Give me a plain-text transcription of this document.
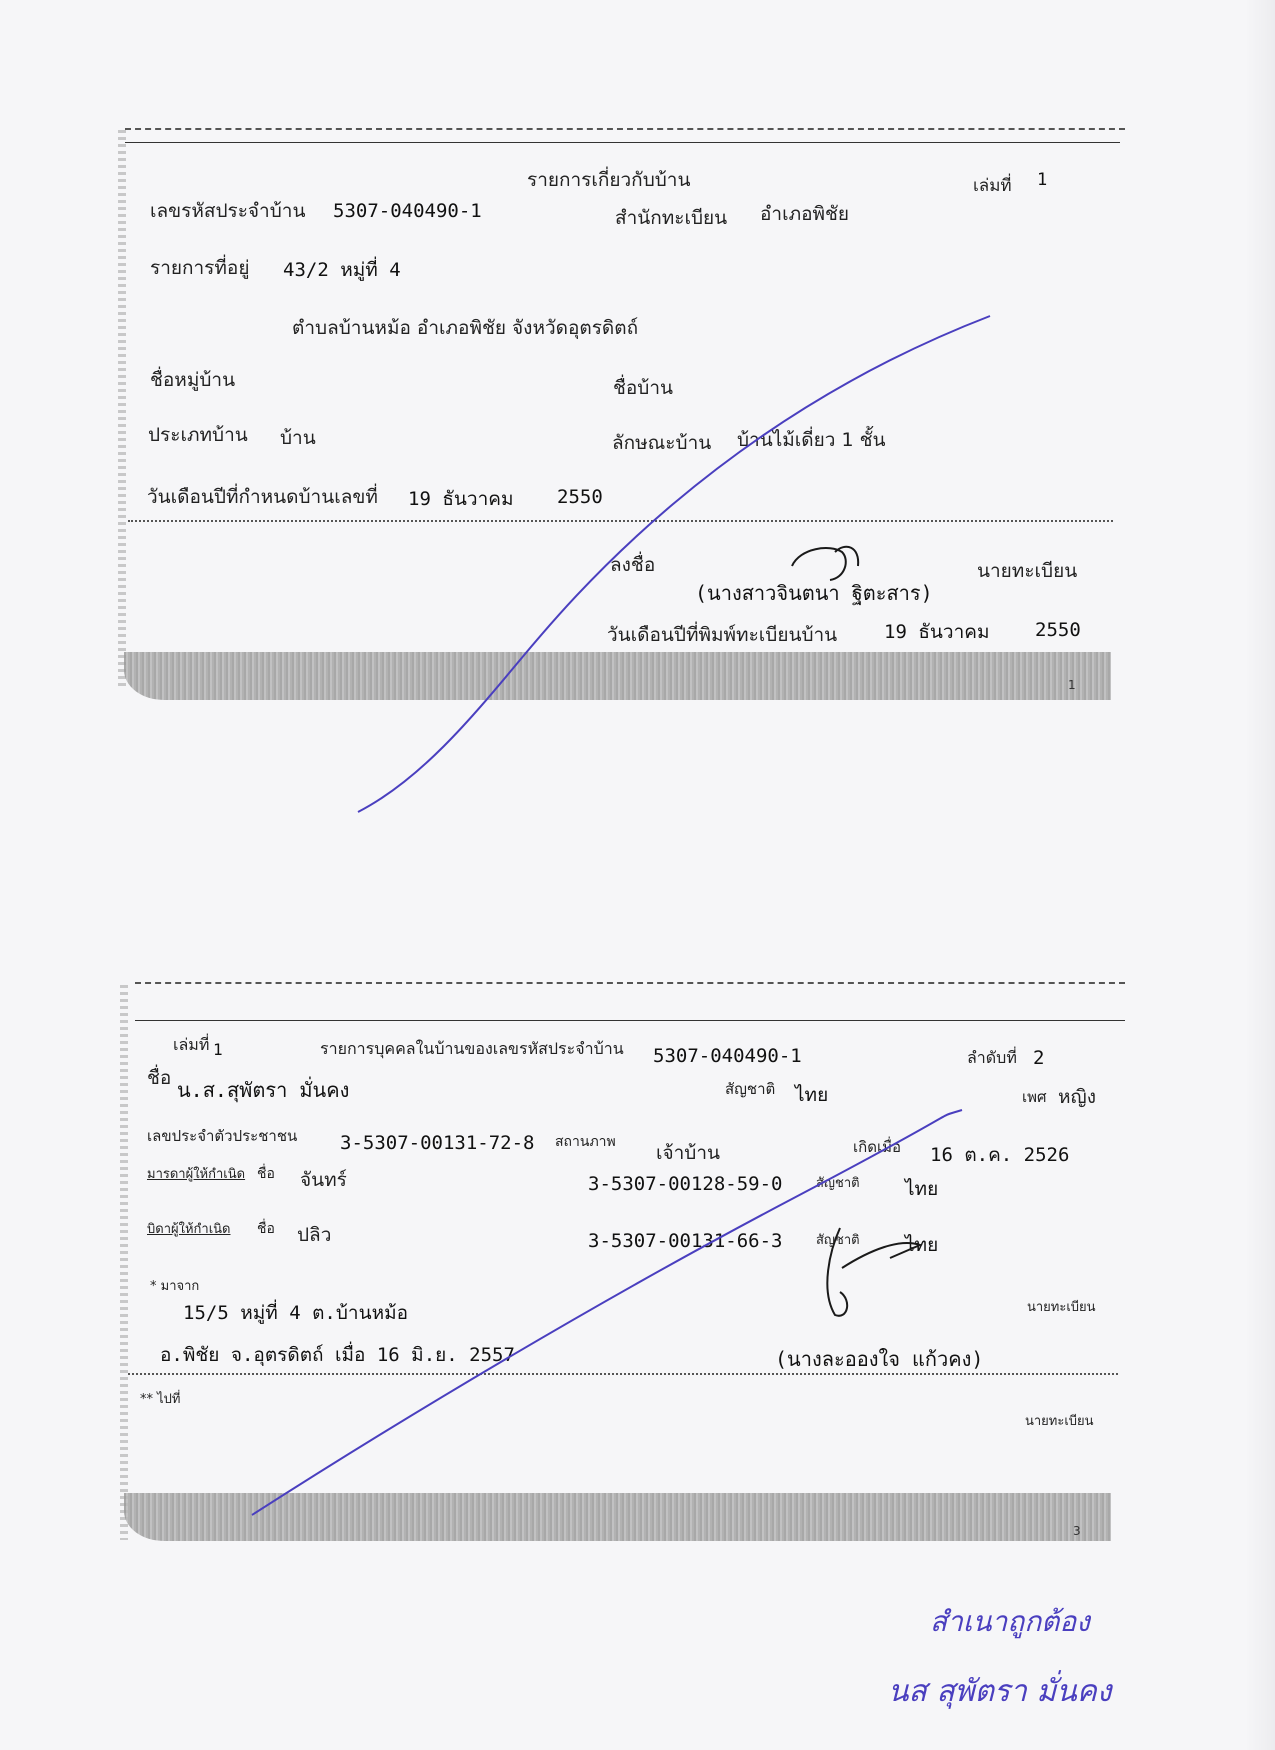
รายการเกี่ยวกับบ้าน	เล่มที่ 1
เลขรหัสประจำบ้าน 5307-040490-1	สำนักทะเบียน อำเภอพิชัย
รายการที่อยู่ 43/2 หมู่ที่ 4
ตำบลบ้านหม้อ อำเภอพิชัย จังหวัดอุตรดิตถ์
ชื่อหมู่บ้าน	ชื่อบ้าน
ประเภทบ้าน บ้าน	ลักษณะบ้าน บ้านไม้เดี่ยว 1 ชั้น
วันเดือนปีที่กำหนดบ้านเลขที่ 19 ธันวาคม 2550
ลงชื่อ	นายทะเบียน
(นางสาวจินตนา ฐิตะสาร)
วันเดือนปีที่พิมพ์ทะเบียนบ้าน 19 ธันวาคม 2550
1
เล่มที่ 1	รายการบุคคลในบ้านของเลขรหัสประจำบ้าน 5307-040490-1	ลำดับที่ 2
ชื่อ น.ส.สุพัตรา มั่นคง	สัญชาติ ไทย	เพศ หญิง
เลขประจำตัวประชาชน 3-5307-00131-72-8 สถานภาพ เจ้าบ้าน	เกิดเมื่อ 16 ต.ค. 2526
มารดาผู้ให้กำเนิด ชื่อ จันทร์	3-5307-00128-59-0	สัญชาติ ไทย
บิดาผู้ให้กำเนิด ชื่อ ปลิว	3-5307-00131-66-3	สัญชาติ ไทย
* มาจาก
15/5 หมู่ที่ 4 ต.บ้านหม้อ
อ.พิชัย จ.อุตรดิตถ์ เมื่อ 16 มิ.ย. 2557
นายทะเบียน
(นางละอองใจ แก้วคง)
** ไปที่
นายทะเบียน
3
สำเนาถูกต้อง
นส สุพัตรา มั่นคง
